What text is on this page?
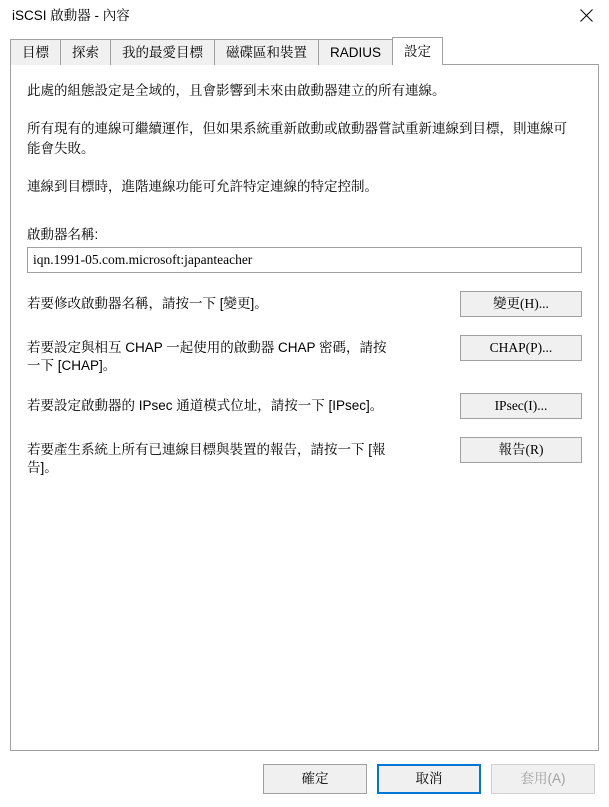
iSCSI 啟動器 - 內容
目標	探索	我的最愛目標	磁碟區和裝置	RADIUS	設定

此處的組態設定是全域的，且會影響到未來由啟動器建立的所有連線。

所有現有的連線可繼續運作，但如果系統重新啟動或啟動器嘗試重新連線到目標，則連線可能會失敗。

連線到目標時，進階連線功能可允許特定連線的特定控制。

啟動器名稱:
iqn.1991-05.com.microsoft:japanteacher
若要修改啟動器名稱，請按一下 [變更]。	變更(H)...
若要設定與相互 CHAP 一起使用的啟動器 CHAP 密碼，請按一下 [CHAP]。
CHAP(P)...
若要設定啟動器的 IPsec 通道模式位址，請按一下 [IPsec]。	IPsec(I)...
若要產生系統上所有已連線目標與裝置的報告，請按一下 [報告]。
報告(R)
確定	取消	套用(A)
